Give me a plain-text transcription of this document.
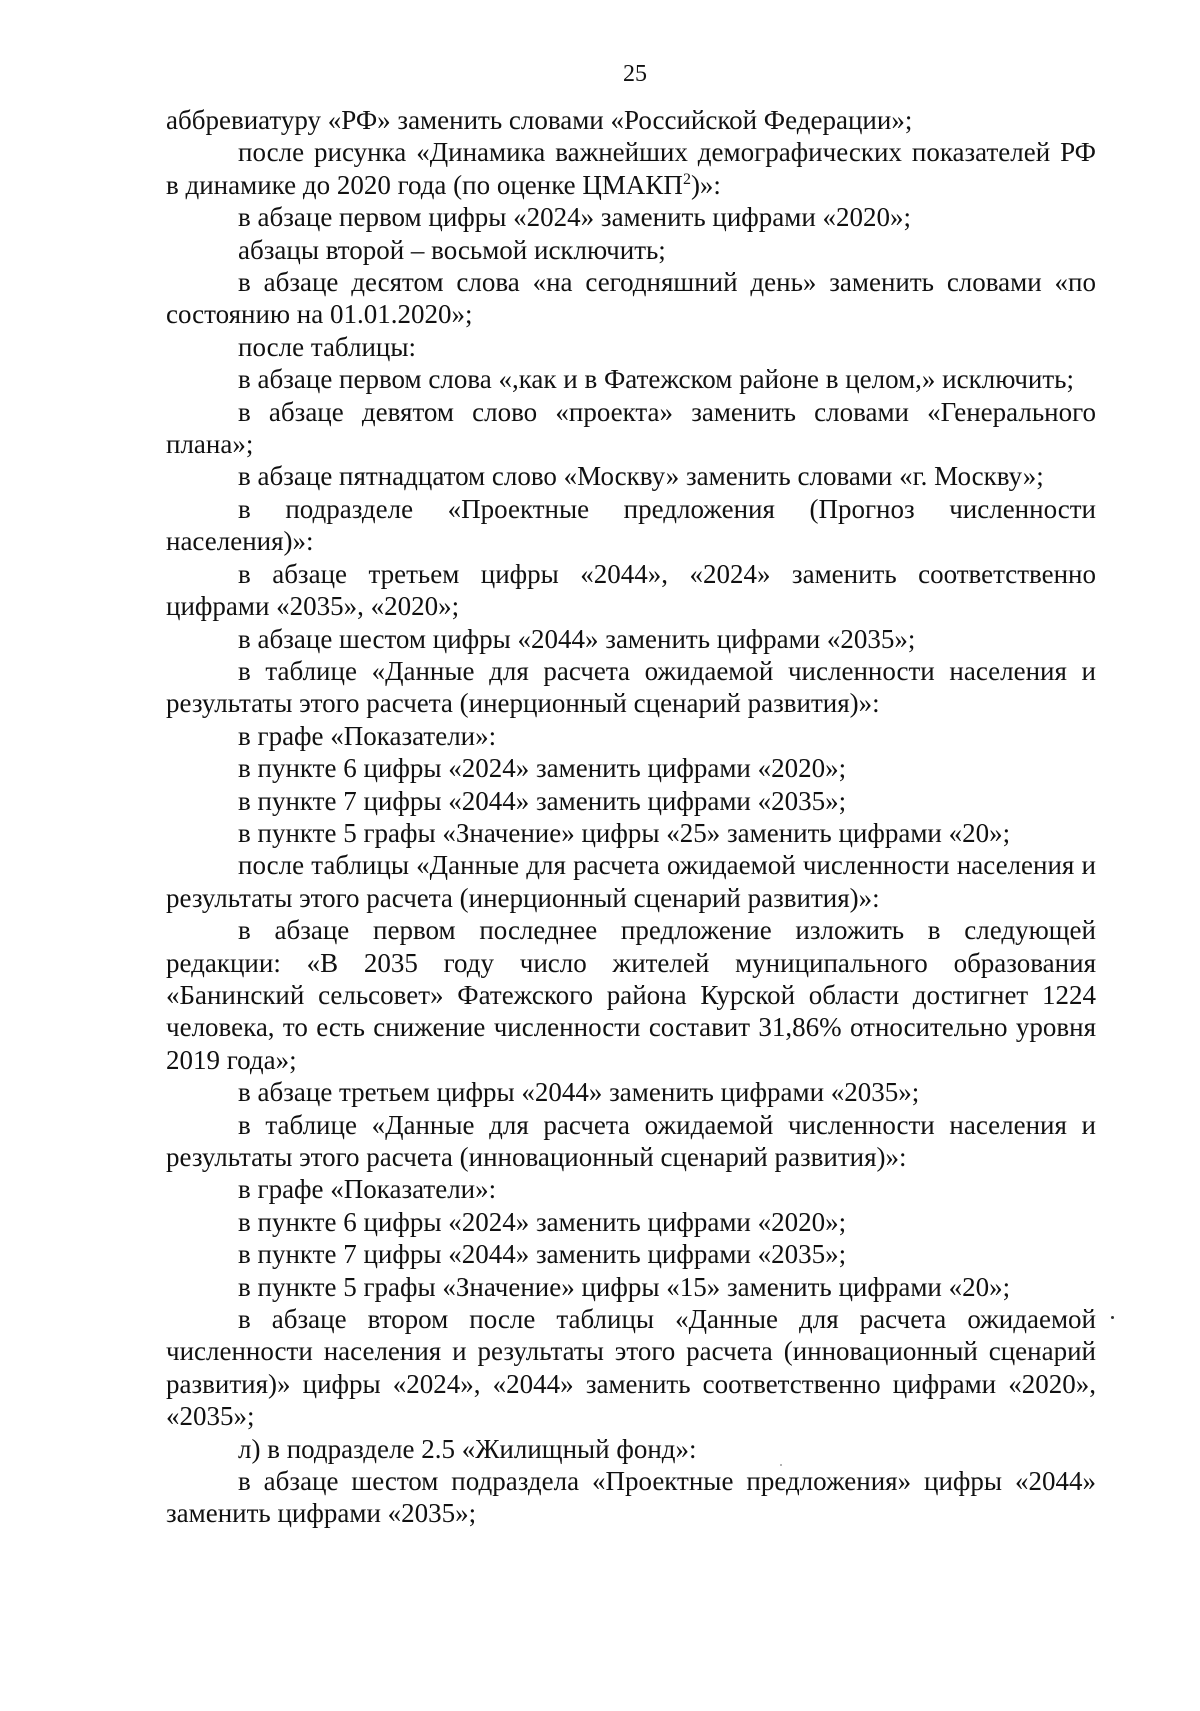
25

аббревиатуру «РФ» заменить словами «Российской Федерации»;

после рисунка «Динамика важнейших демографических показателей РФ в динамике до 2020 года (по оценке ЦМАКП$^2$)»:

в абзаце первом цифры «2024» заменить цифрами «2020»;

абзацы второй – восьмой исключить;

в абзаце десятом слова «на сегодняшний день» заменить словами «по состоянию на 01.01.2020»;

после таблицы:

в абзаце первом слова «,как и в Фатежском районе в целом,» исключить;

в абзаце девятом слово «проекта» заменить словами «Генерального плана»;

в абзаце пятнадцатом слово «Москву» заменить словами «г. Москву»;

в подразделе «Проектные предложения (Прогноз численности населения)»:

в абзаце третьем цифры «2044», «2024» заменить соответственно цифрами «2035», «2020»;

в абзаце шестом цифры «2044» заменить цифрами «2035»;

в таблице «Данные для расчета ожидаемой численности населения и результаты этого расчета (инерционный сценарий развития)»:

в графе «Показатели»:

в пункте 6 цифры «2024» заменить цифрами «2020»;

в пункте 7 цифры «2044» заменить цифрами «2035»;

в пункте 5 графы «Значение» цифры «25» заменить цифрами «20»;

после таблицы «Данные для расчета ожидаемой численности населения и результаты этого расчета (инерционный сценарий развития)»:

в абзаце первом последнее предложение изложить в следующей редакции: «В 2035 году число жителей муниципального образования «Банинский сельсовет» Фатежского района Курской области достигнет 1224 человека, то есть снижение численности составит 31,86% относительно уровня 2019 года»;

в абзаце третьем цифры «2044» заменить цифрами «2035»;

в таблице «Данные для расчета ожидаемой численности населения и результаты этого расчета (инновационный сценарий развития)»:

в графе «Показатели»:

в пункте 6 цифры «2024» заменить цифрами «2020»;

в пункте 7 цифры «2044» заменить цифрами «2035»;

в пункте 5 графы «Значение» цифры «15» заменить цифрами «20»;

в абзаце втором после таблицы «Данные для расчета ожидаемой численности населения и результаты этого расчета (инновационный сценарий развития)» цифры «2024», «2044» заменить соответственно цифрами «2020», «2035»;

л) в подразделе 2.5 «Жилищный фонд»:

в абзаце шестом подраздела «Проектные предложения» цифры «2044» заменить цифрами «2035»;
